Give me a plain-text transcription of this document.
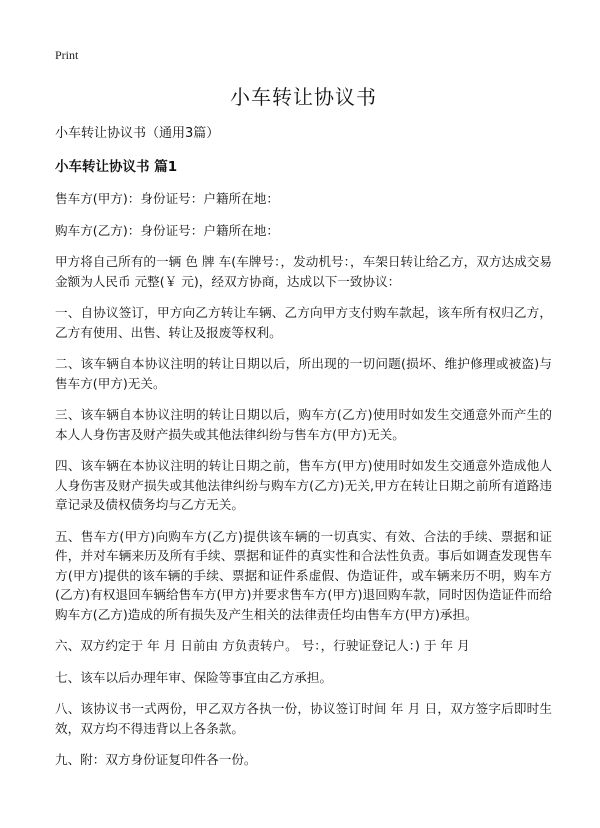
Print
小车转让协议书
小车转让协议书（通用3篇）
小车转让协议书 篇1

售车方(甲方)：身份证号：户籍所在地：

购车方(乙方)：身份证号：户籍所在地：

甲方将自己所有的一辆 色 牌 车(车牌号：，发动机号：，车架日转让给乙方，双方达成交易金额为人民币 元整(￥ 元)，经双方协商，达成以下一致协议：

一、自协议签订，甲方向乙方转让车辆、乙方向甲方支付购车款起，该车所有权归乙方，乙方有使用、出售、转让及报废等权利。

二、该车辆自本协议注明的转让日期以后，所出现的一切问题(损坏、维护修理或被盗)与售车方(甲方)无关。

三、该车辆自本协议注明的转让日期以后，购车方(乙方)使用时如发生交通意外而产生的本人人身伤害及财产损失或其他法律纠纷与售车方(甲方)无关。

四、该车辆在本协议注明的转让日期之前，售车方(甲方)使用时如发生交通意外造成他人人身伤害及财产损失或其他法律纠纷与购车方(乙方)无关,甲方在转让日期之前所有道路违章记录及债权债务均与乙方无关。

五、售车方(甲方)向购车方(乙方)提供该车辆的一切真实、有效、合法的手续、票据和证件，并对车辆来历及所有手续、票据和证件的真实性和合法性负责。事后如调查发现售车方(甲方)提供的该车辆的手续、票据和证件系虚假、伪造证件，或车辆来历不明，购车方(乙方)有权退回车辆给售车方(甲方)并要求售车方(甲方)退回购车款，同时因伪造证件而给购车方(乙方)造成的所有损失及产生相关的法律责任均由售车方(甲方)承担。

六、双方约定于 年 月 日前由 方负责转户。 号：，行驶证登记人：) 于 年 月

七、该车以后办理年审、保险等事宜由乙方承担。

八、该协议书一式两份，甲乙双方各执一份，协议签订时间 年 月 日，双方签字后即时生效，双方均不得违背以上各条款。

九、附：双方身份证复印件各一份。
